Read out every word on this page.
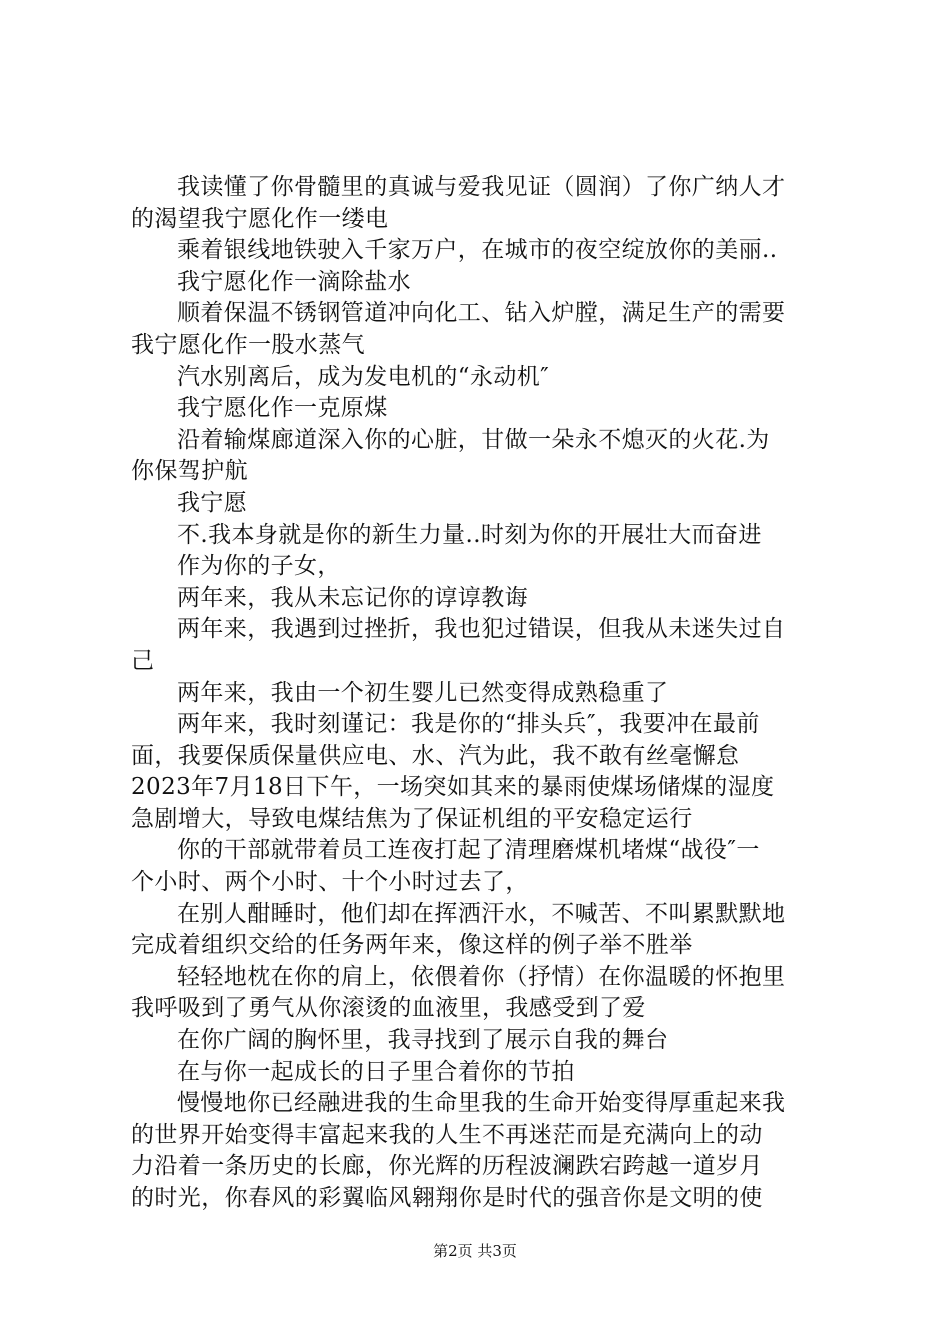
我读懂了你骨髓里的真诚与爱我见证（圆润）了你广纳人才
的渴望我宁愿化作一缕电
乘着银线地铁驶入千家万户，在城市的夜空绽放你的美丽..
我宁愿化作一滴除盐水
顺着保温不锈钢管道冲向化工、钻入炉膛，满足生产的需要
我宁愿化作一股水蒸气
汽水别离后，成为发电机的“永动机″
我宁愿化作一克原煤
沿着输煤廊道深入你的心脏，甘做一朵永不熄灭的火花.为
你保驾护航
我宁愿
不.我本身就是你的新生力量..时刻为你的开展壮大而奋进
作为你的子女，
两年来，我从未忘记你的谆谆教诲
两年来，我遇到过挫折，我也犯过错误，但我从未迷失过自
己
两年来，我由一个初生婴儿已然变得成熟稳重了
两年来，我时刻谨记：我是你的“排头兵″，我要冲在最前
面，我要保质保量供应电、水、汽为此，我不敢有丝毫懈怠
2023年7月18日下午，一场突如其来的暴雨使煤场储煤的湿度
急剧增大，导致电煤结焦为了保证机组的平安稳定运行
你的干部就带着员工连夜打起了清理磨煤机堵煤“战役″一
个小时、两个小时、十个小时过去了，
在别人酣睡时，他们却在挥洒汗水，不喊苦、不叫累默默地
完成着组织交给的任务两年来，像这样的例子举不胜举
轻轻地枕在你的肩上，依偎着你（抒情）在你温暖的怀抱里
我呼吸到了勇气从你滚烫的血液里，我感受到了爱
在你广阔的胸怀里，我寻找到了展示自我的舞台
在与你一起成长的日子里合着你的节拍
慢慢地你已经融进我的生命里我的生命开始变得厚重起来我
的世界开始变得丰富起来我的人生不再迷茫而是充满向上的动
力沿着一条历史的长廊，你光辉的历程波澜跌宕跨越一道岁月
的时光，你春风的彩翼临风翱翔你是时代的强音你是文明的使
第2页 共3页
